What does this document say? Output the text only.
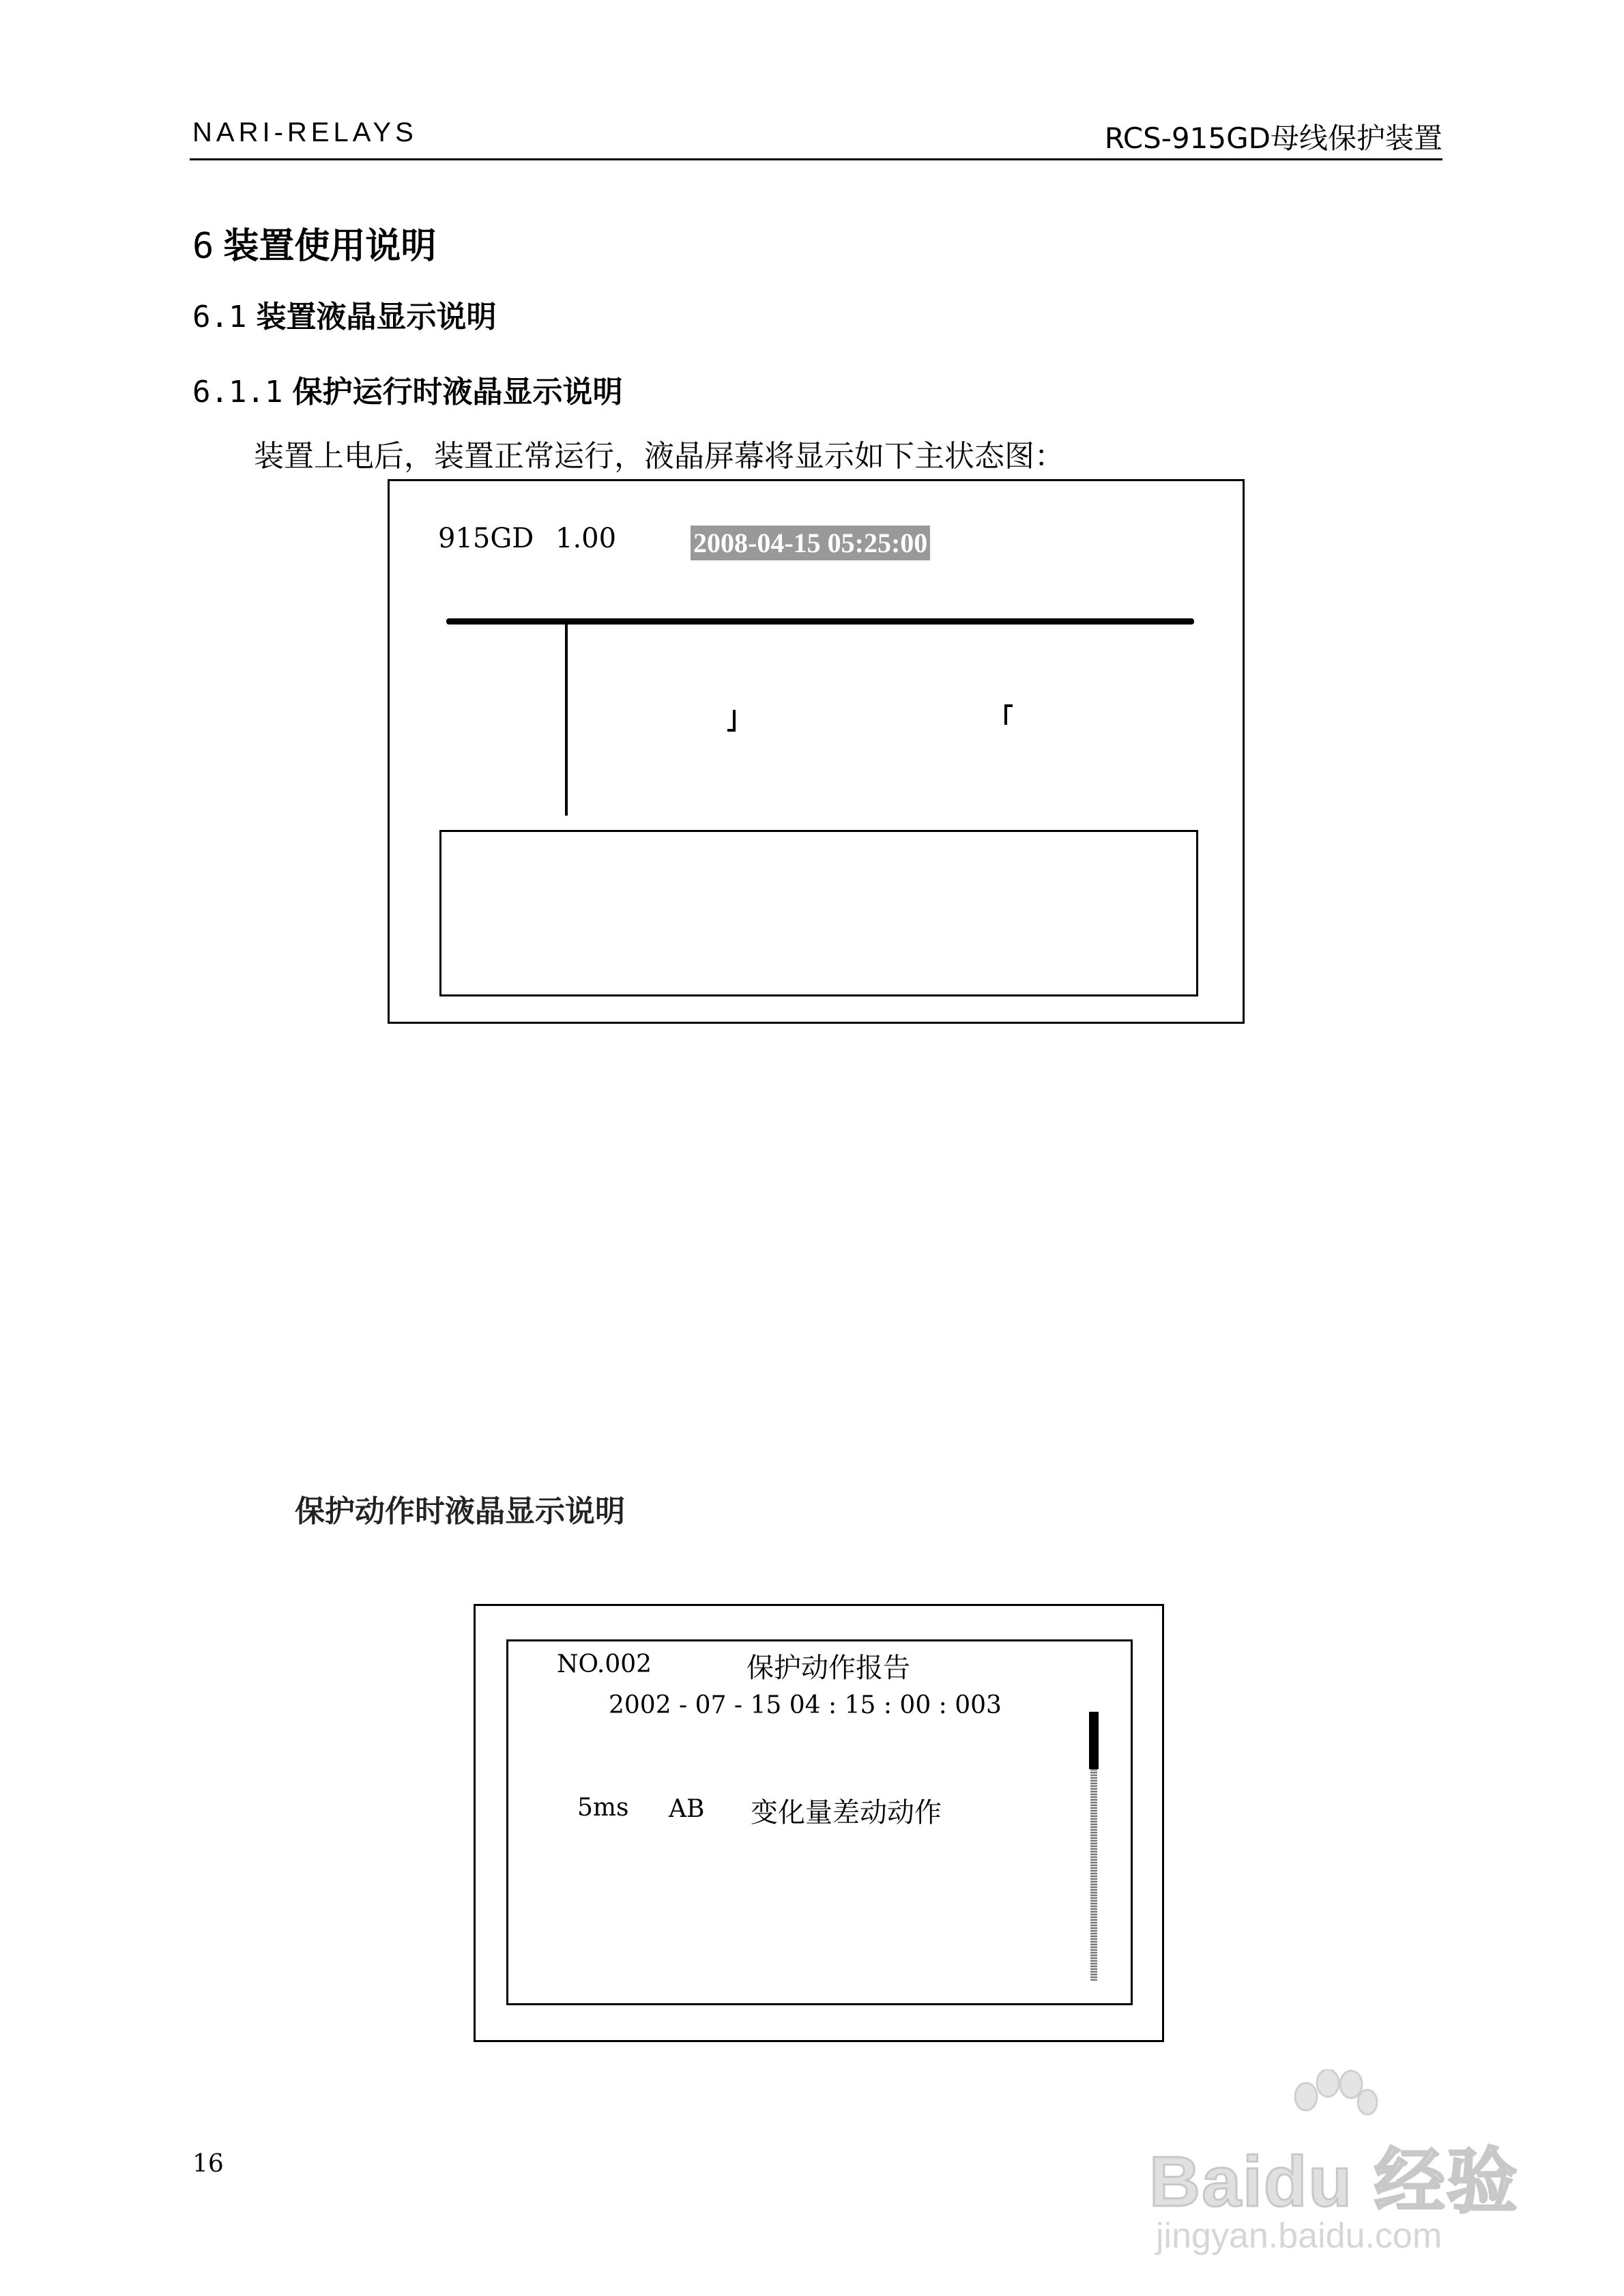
NARI-RELAYS	RCS-915GD母线保护装置
6 装置使用说明
6.1 装置液晶显示说明
6.1.1 保护运行时液晶显示说明
装置上电后，装置正常运行，液晶屏幕将显示如下主状态图：
915GD 1.00	2008-04-15 05:25:00
保护动作时液晶显示说明
NO.002	保护动作报告
2002 - 07 - 15 04 : 15 : 00 : 003
5ms AB 变化量差动动作
16	Baidu 经验
jingyan.baidu.com
